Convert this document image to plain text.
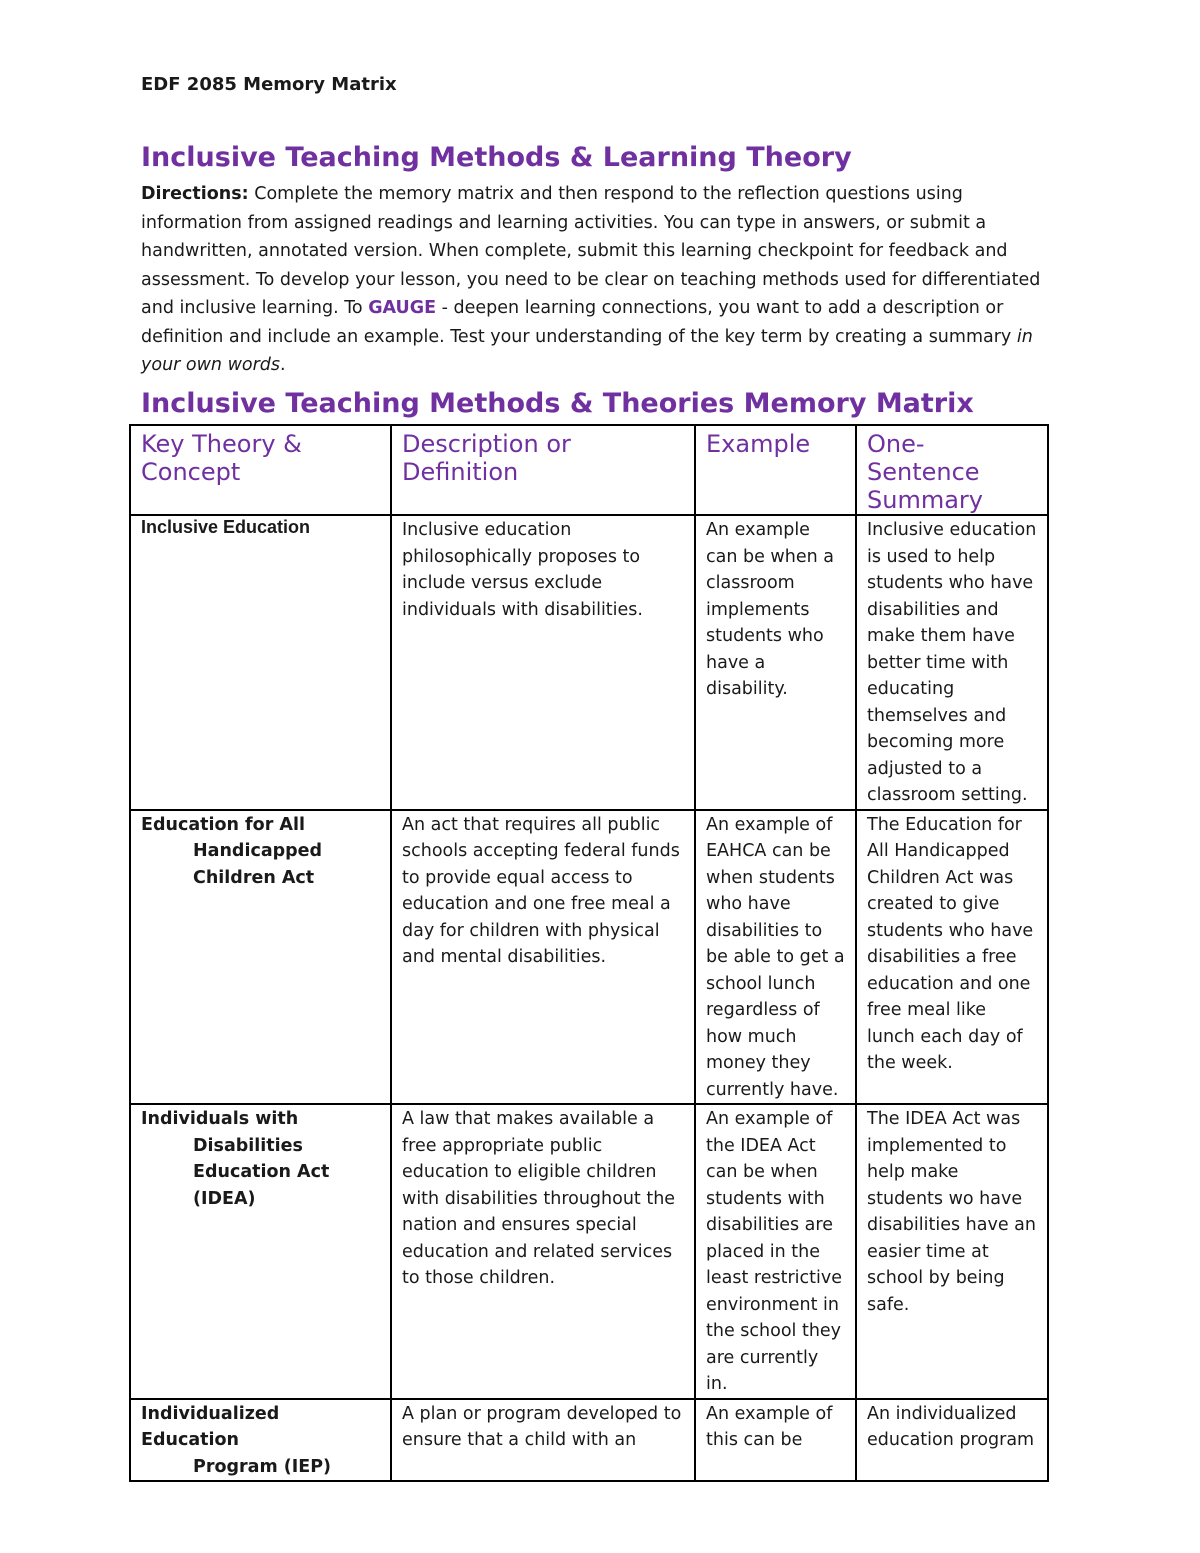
EDF 2085 Memory Matrix
Inclusive Teaching Methods & Learning Theory
Directions: Complete the memory matrix and then respond to the reflection questions using information from assigned readings and learning activities. You can type in answers, or submit a handwritten, annotated version. When complete, submit this learning checkpoint for feedback and assessment. To develop your lesson, you need to be clear on teaching methods used for differentiated and inclusive learning. To GAUGE - deepen learning connections, you want to add a description or definition and include an example. Test your understanding of the key term by creating a summary in your own words.
Inclusive Teaching Methods & Theories Memory Matrix
Key Theory & Concept	Description or Definition	Example	One-Sentence Summary

Inclusive Education	Inclusive education philosophically proposes to include versus exclude individuals with disabilities.	An example can be when a classroom implements students who have a disability.	Inclusive education is used to help students who have disabilities and make them have better time with educating themselves and becoming more adjusted to a classroom setting.

Education for All
Handicapped Children Act	An act that requires all public schools accepting federal funds to provide equal access to education and one free meal a day for children with physical and mental disabilities.	An example of EAHCA can be when students who have disabilities to be able to get a school lunch regardless of how much money they currently have.	The Education for All Handicapped Children Act was created to give students who have disabilities a free education and one free meal like lunch each day of the week.

Individuals with
Disabilities Education Act (IDEA)	A law that makes available a free appropriate public education to eligible children with disabilities throughout the nation and ensures special education and related services to those children.	An example of the IDEA Act can be when students with disabilities are placed in the least restrictive environment in the school they are currently in.	The IDEA Act was implemented to help make students wo have disabilities have an easier time at school by being safe.

Individualized Education
Program (IEP)	A plan or program developed to ensure that a child with an	An example of this can be	An individualized education program
